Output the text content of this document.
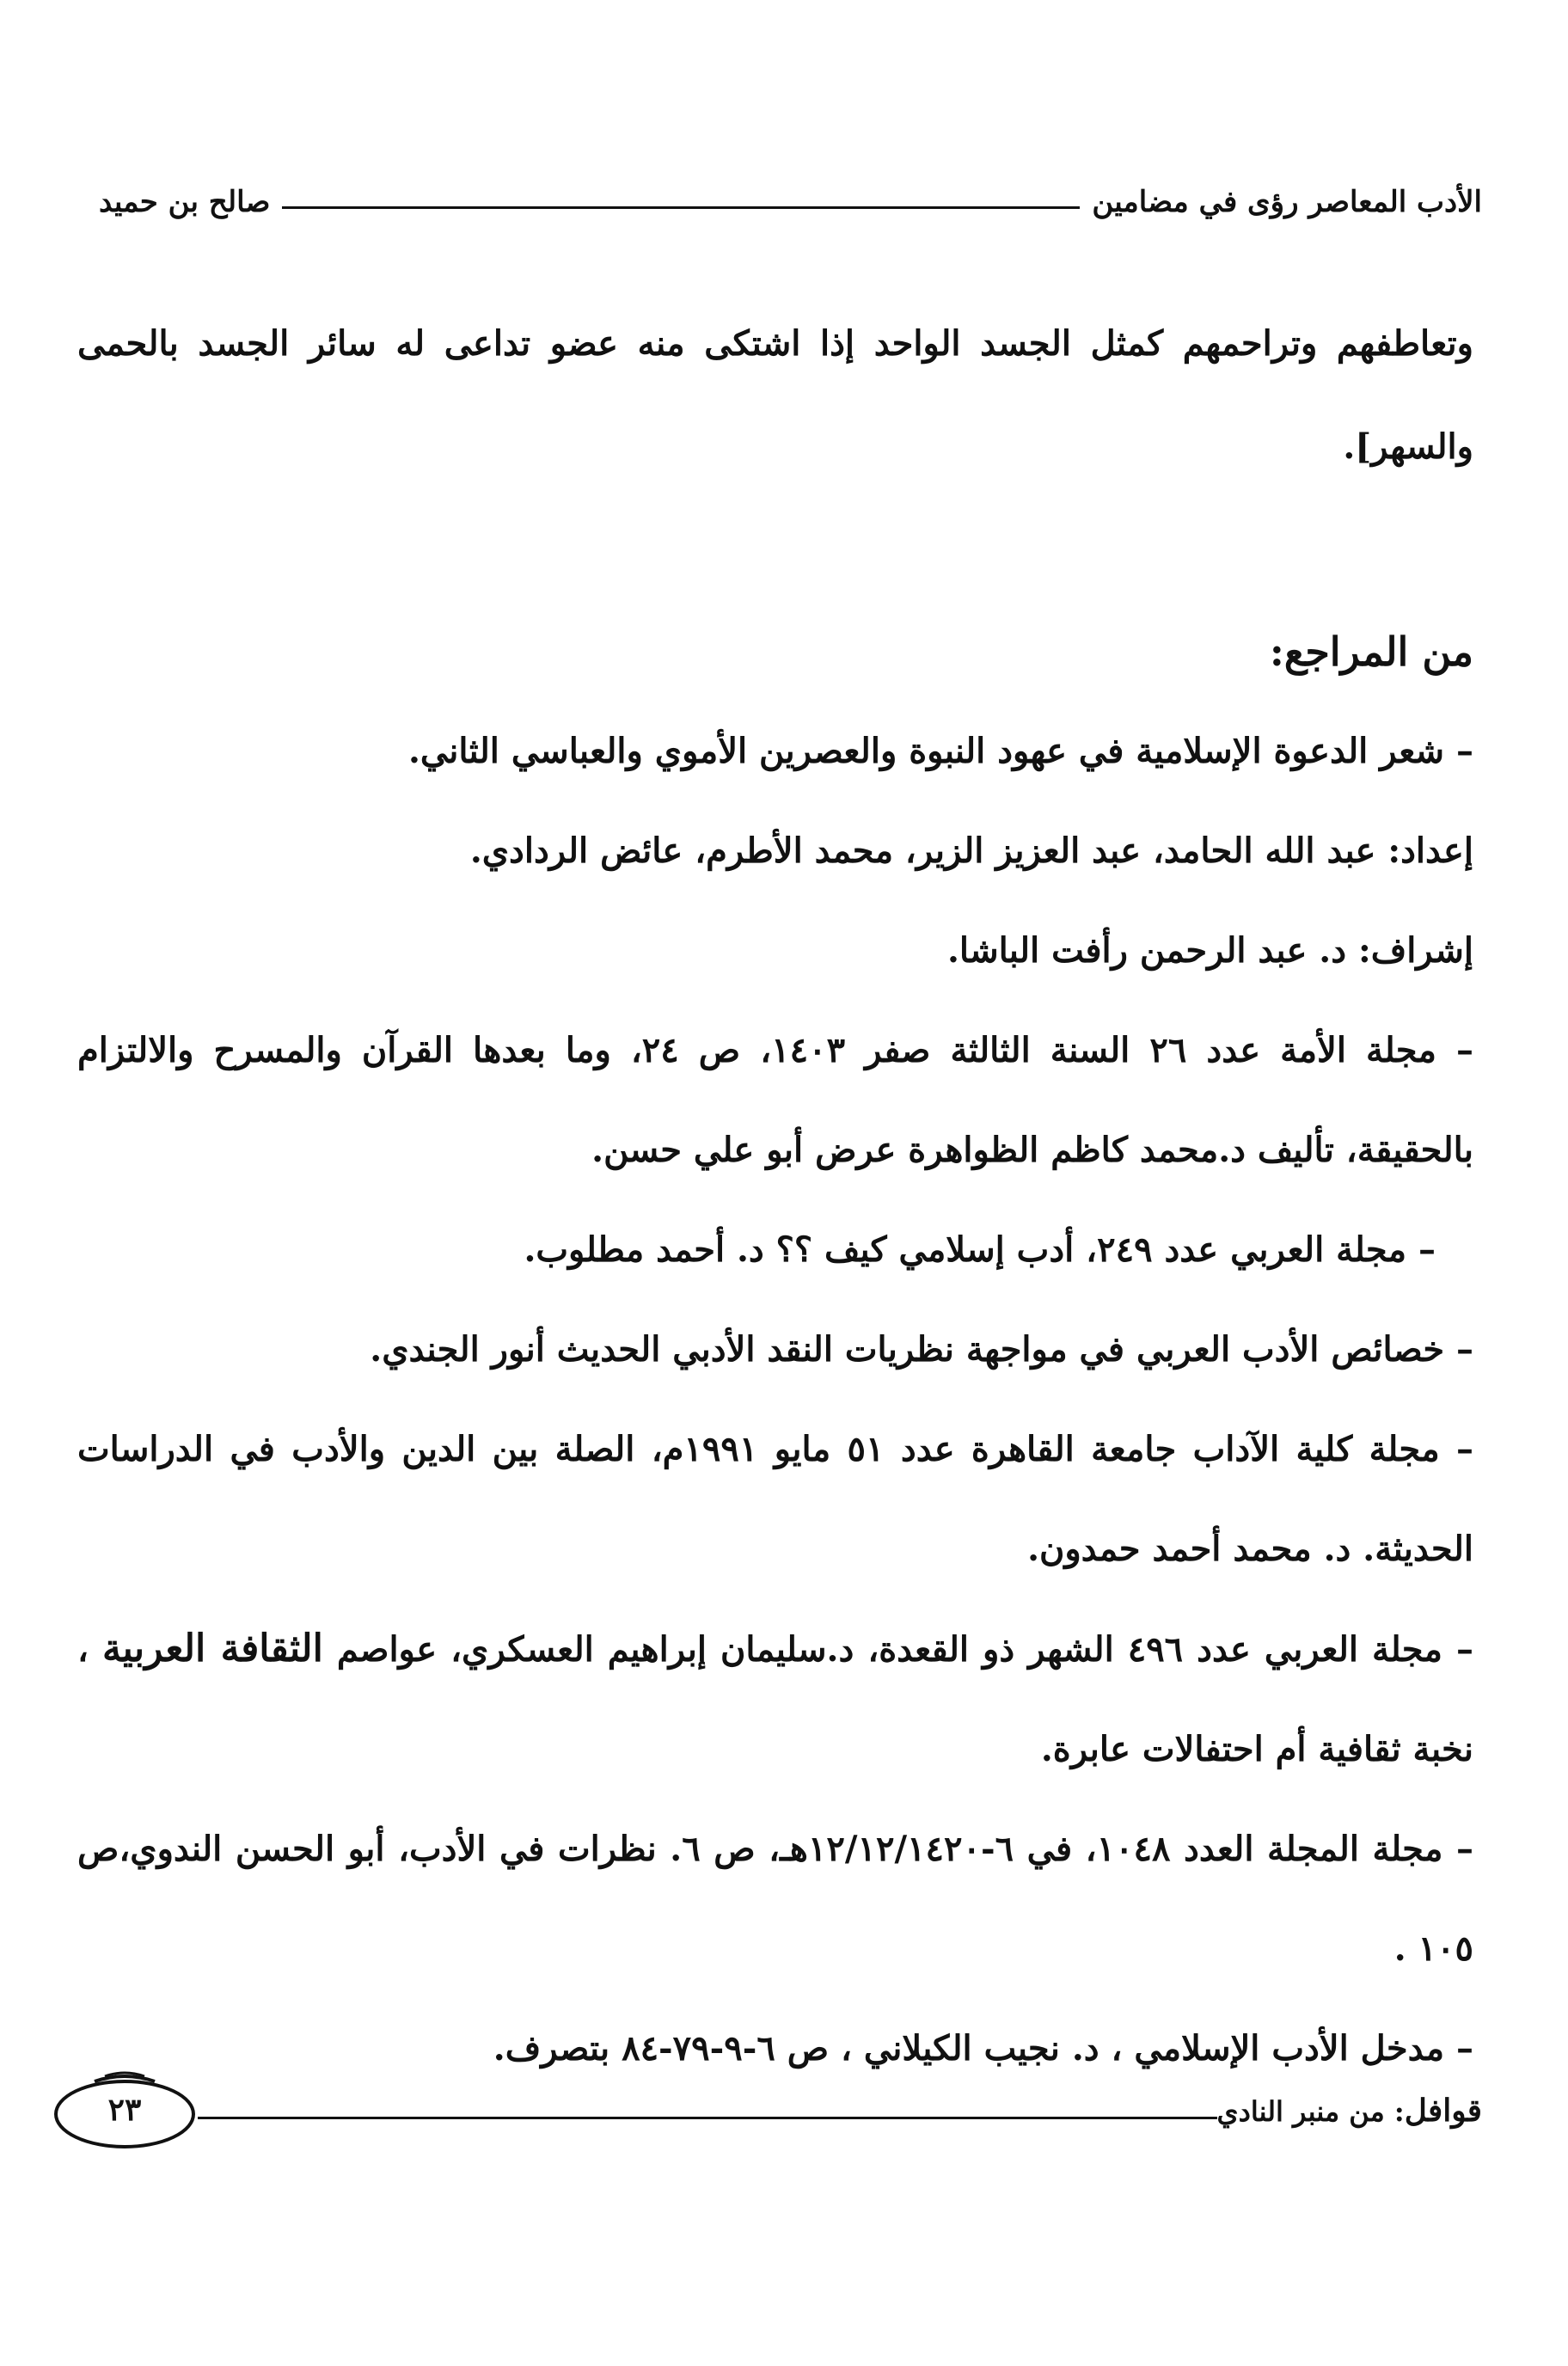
الأدب المعاصر رؤى في مضامين
صالح بن حميد

وتعاطفهم وتراحمهم كمثل الجسد الواحد إذا اشتكى منه عضو تداعى له سائر الجسد بالحمى والسهر].

من المراجع:

– شعر الدعوة الإسلامية في عهود النبوة والعصرين الأموي والعباسي الثاني.

إعداد: عبد الله الحامد، عبد العزيز الزير، محمد الأطرم، عائض الردادي.

إشراف: د. عبد الرحمن رأفت الباشا.

– مجلة الأمة عدد ٢٦ السنة الثالثة صفر ١٤٠٣، ص ٢٤، وما بعدها القرآن والمسرح والالتزام بالحقيقة، تأليف د.محمد كاظم الظواهرة عرض أبو علي حسن.

– مجلة العربي عدد ٢٤٩، أدب إسلامي كيف ؟؟ د. أحمد مطلوب.

– خصائص الأدب العربي في مواجهة نظريات النقد الأدبي الحديث أنور الجندي.

– مجلة كلية الآداب جامعة القاهرة عدد ٥١ مايو ١٩٩١م، الصلة بين الدين والأدب في الدراسات الحديثة. د. محمد أحمد حمدون.

– مجلة العربي عدد ٤٩٦ الشهر ذو القعدة، د.سليمان إبراهيم العسكري، عواصم الثقافة العربية ، نخبة ثقافية أم احتفالات عابرة.

– مجلة المجلة العدد ١٠٤٨، في ٦-١٢/١٢/١٤٢٠هـ، ص ٦. نظرات في الأدب، أبو الحسن الندوي،ص ١٠٥ .

– مدخل الأدب الإسلامي ، د. نجيب الكيلاني ، ص ٦-٩-٧٩-٨٤ بتصرف.

قوافل: من منبر النادي
٢٣
